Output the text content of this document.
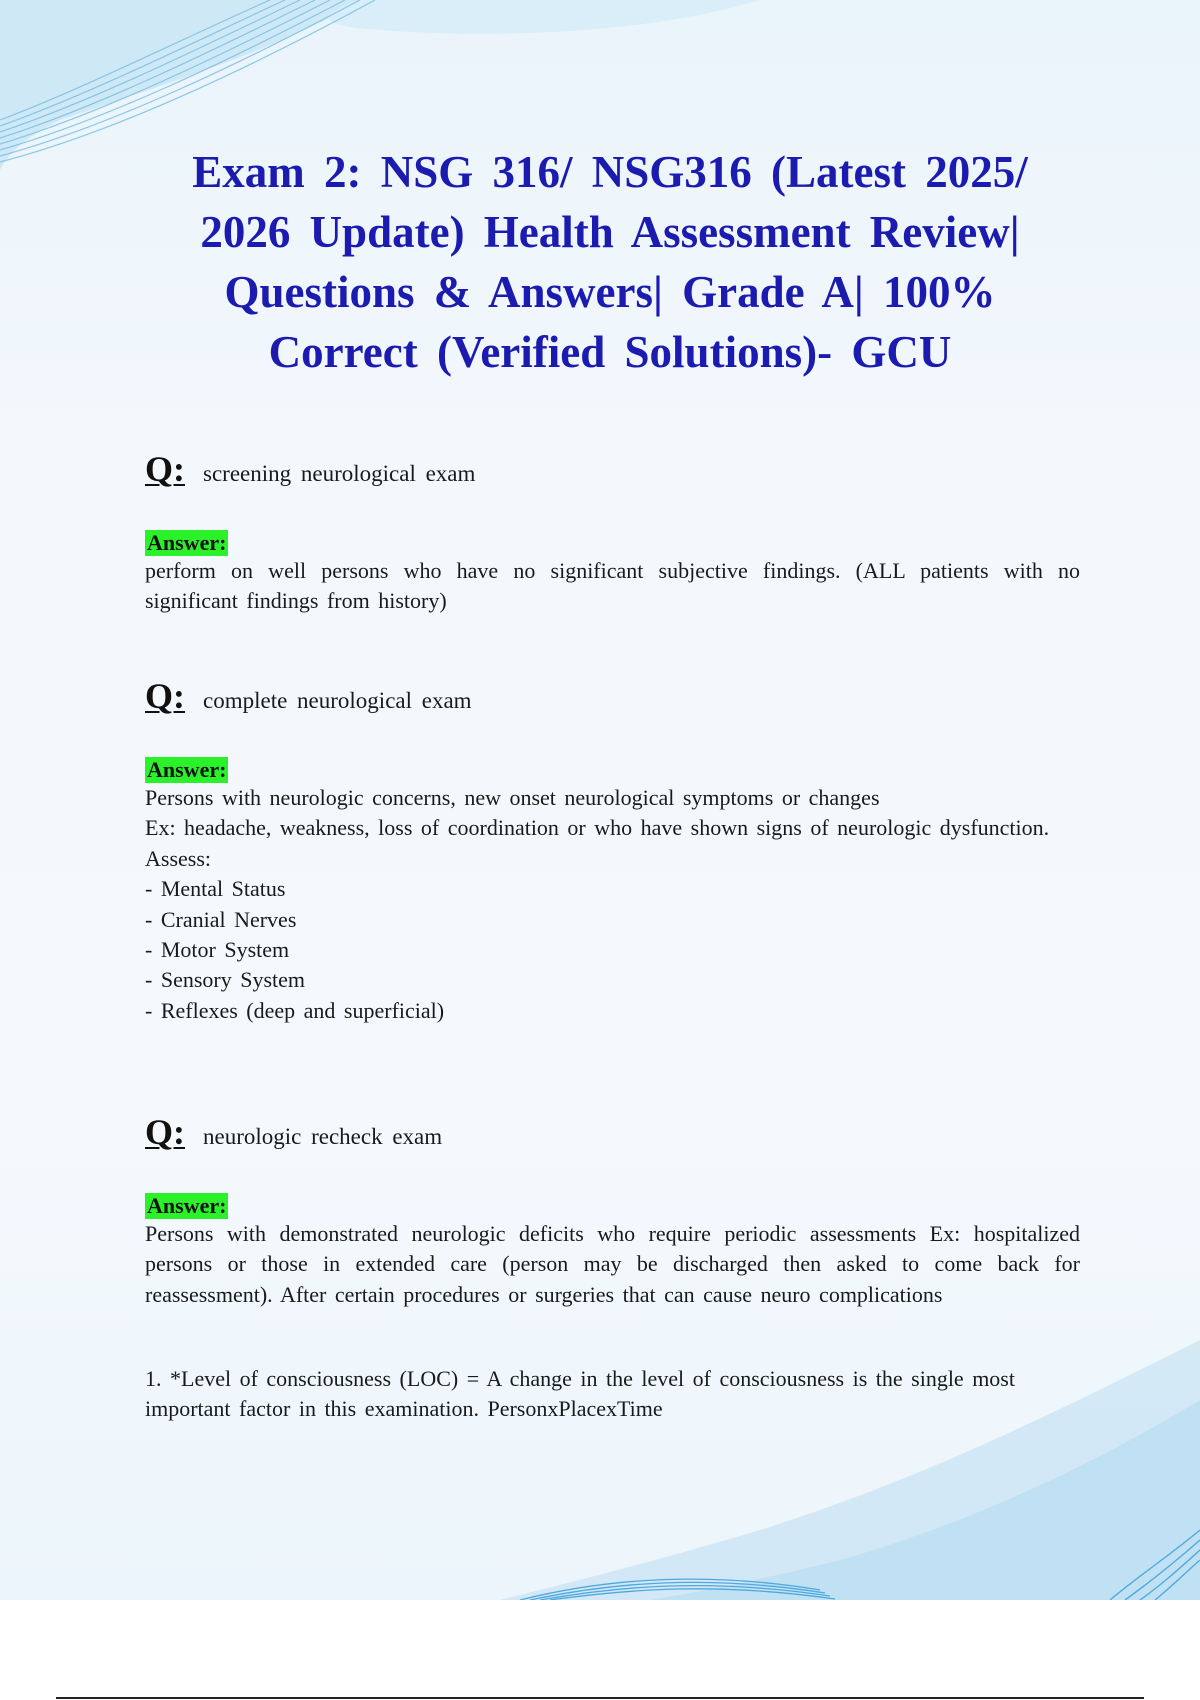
Exam 2: NSG 316/ NSG316 (Latest 2025/ 2026 Update) Health Assessment Review| Questions & Answers| Grade A| 100% Correct (Verified Solutions)- GCU
Q: screening neurological exam
Answer:

perform on well persons who have no significant subjective findings. (ALL patients with no significant findings from history)

Q: complete neurological exam
Answer:

Persons with neurologic concerns, new onset neurological symptoms or changes

Ex: headache, weakness, loss of coordination or who have shown signs of neurologic dysfunction.

Assess:

- Mental Status
- Cranial Nerves
- Motor System
- Sensory System
- Reflexes (deep and superficial)
Q: neurologic recheck exam
Answer:

Persons with demonstrated neurologic deficits who require periodic assessments Ex: hospitalized persons or those in extended care (person may be discharged then asked to come back for reassessment). After certain procedures or surgeries that can cause neuro complications

1. *Level of consciousness (LOC) = A change in the level of consciousness is the single most important factor in this examination. PersonxPlacexTime
